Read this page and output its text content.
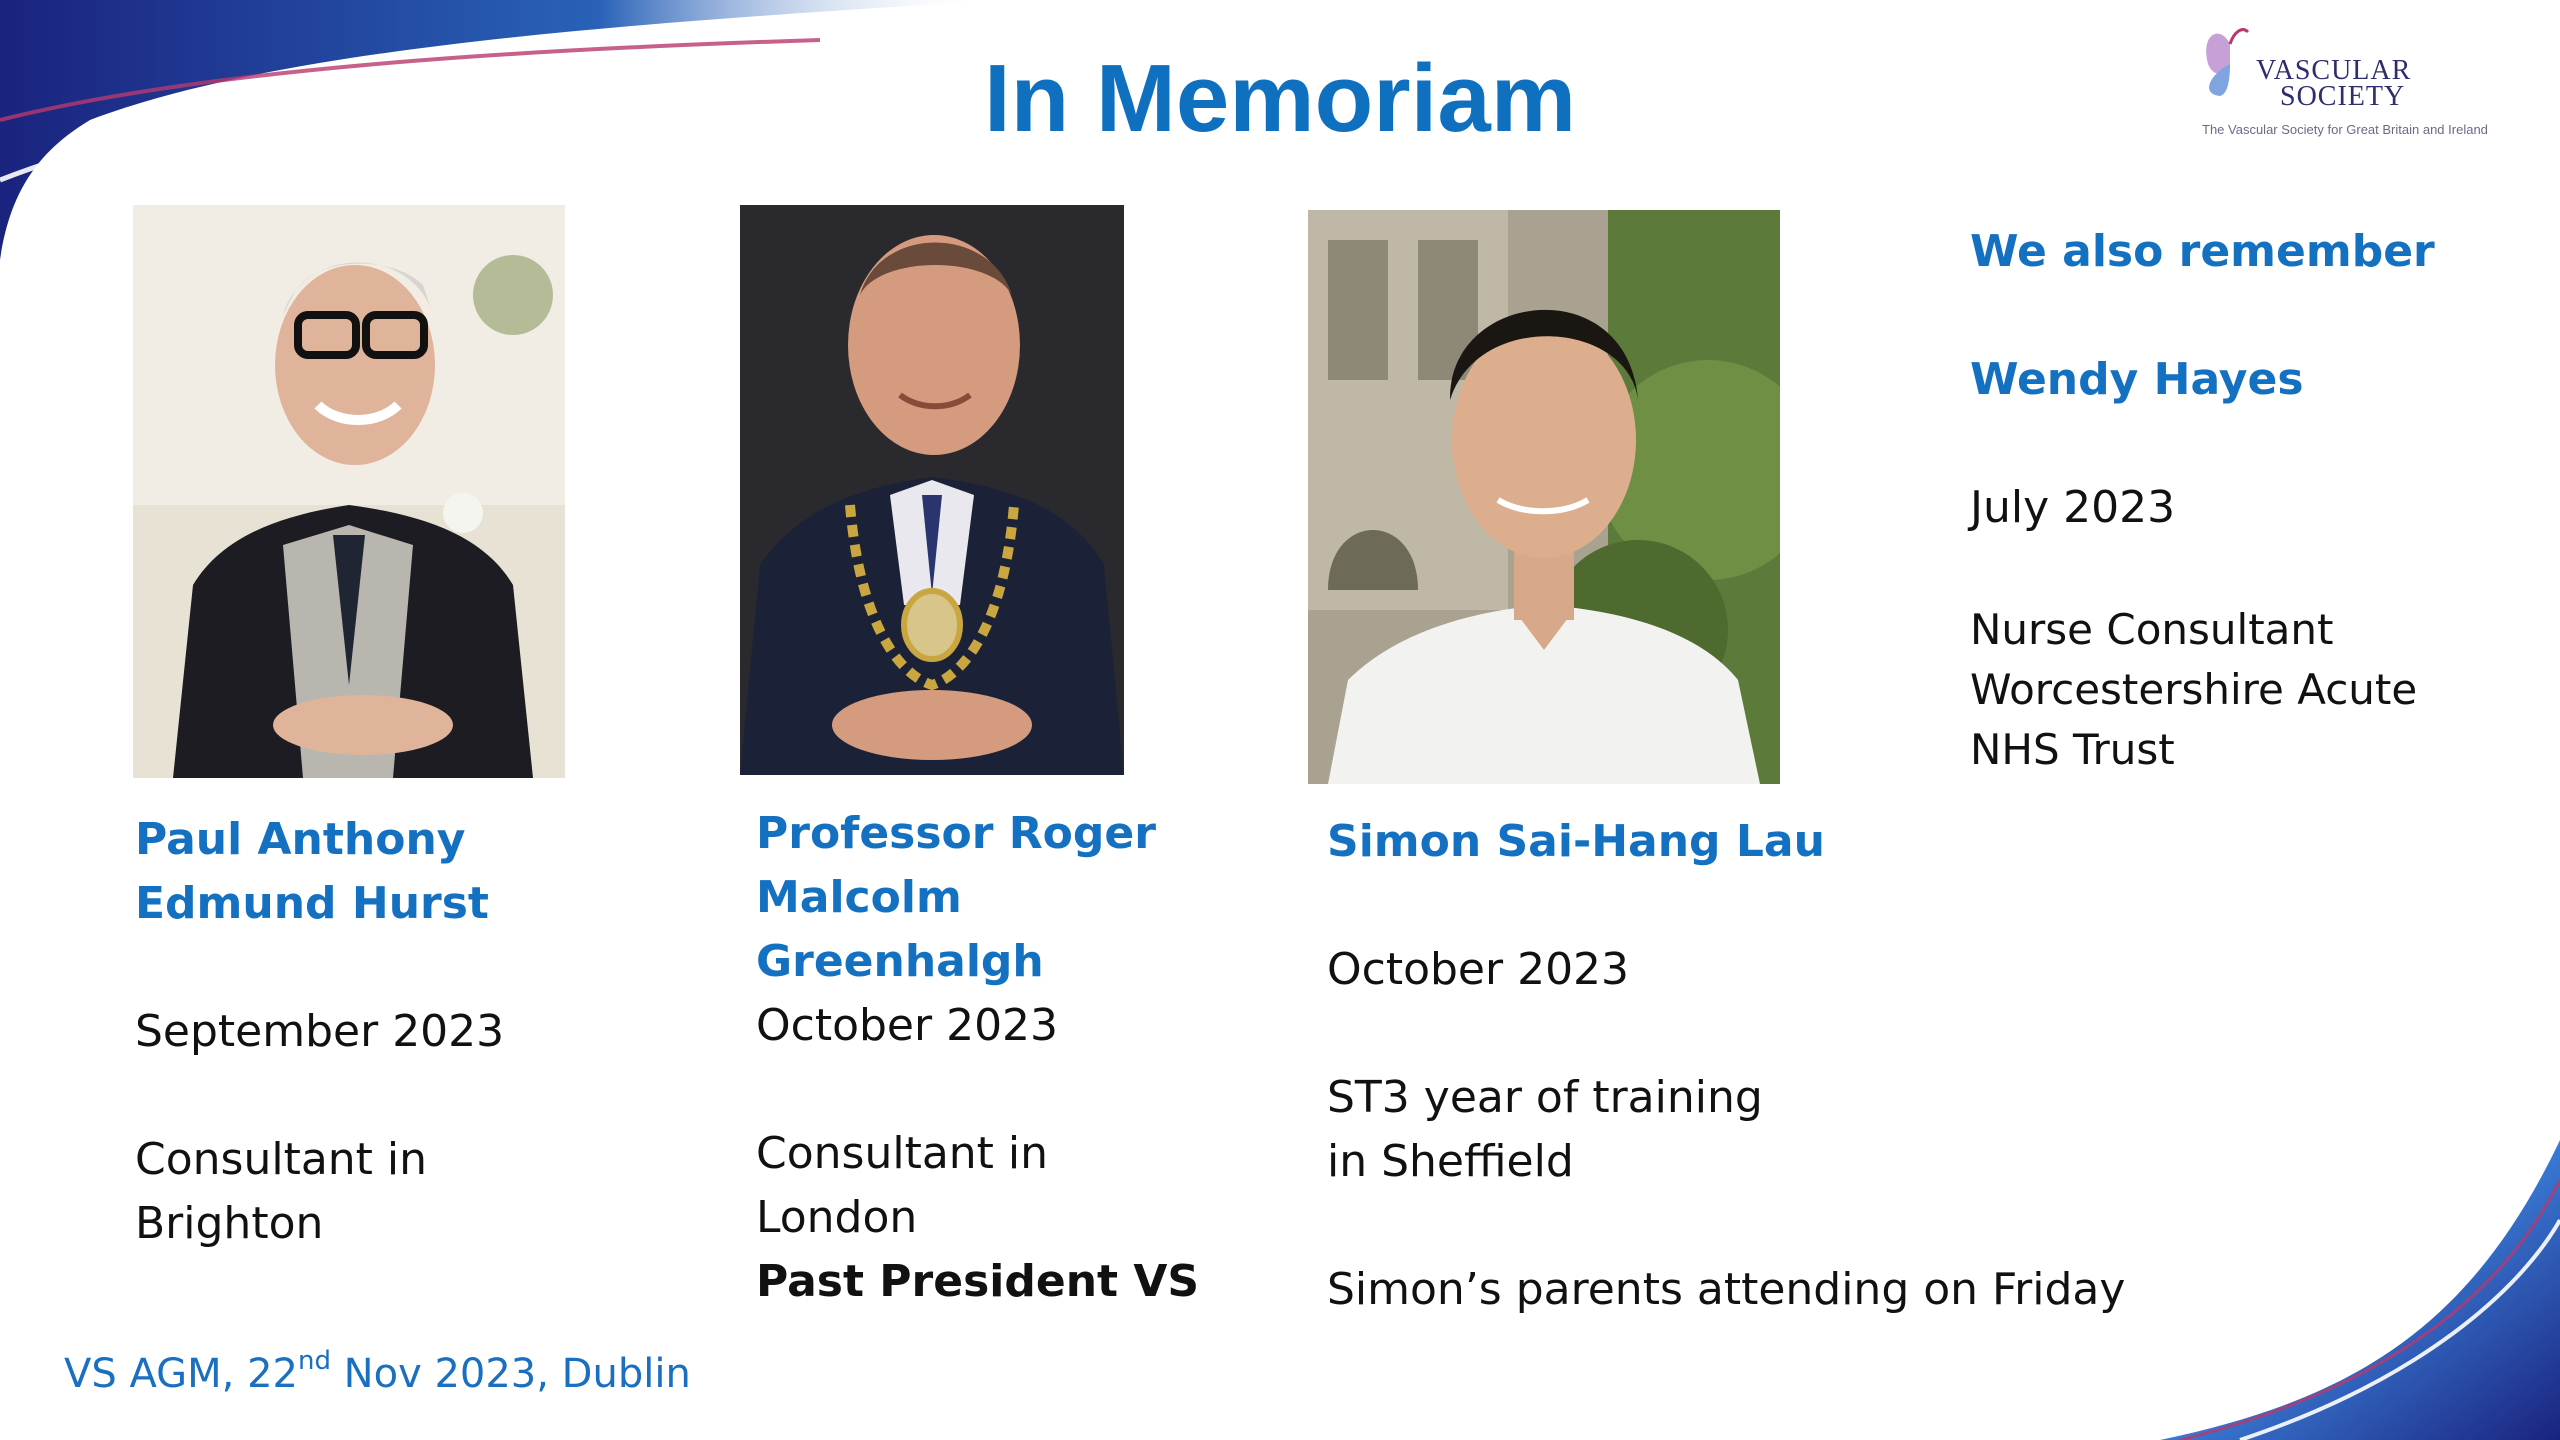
In Memoriam	VASCULAR
SOCIETY
The Vascular Society for Great Britain and Ireland
Paul Anthony
Edmund Hurst
September 2023
Consultant in
Brighton
Professor Roger
Malcolm
Greenhalgh
October 2023
Consultant in
London
Past President VS
Simon Sai-Hang Lau
October 2023
ST3 year of training
in Sheffield
Simon’s parents attending on Friday
We also remember
Wendy Hayes
July 2023
Nurse Consultant
Worcestershire Acute
NHS Trust
VS AGM, 22nd Nov 2023, Dublin
